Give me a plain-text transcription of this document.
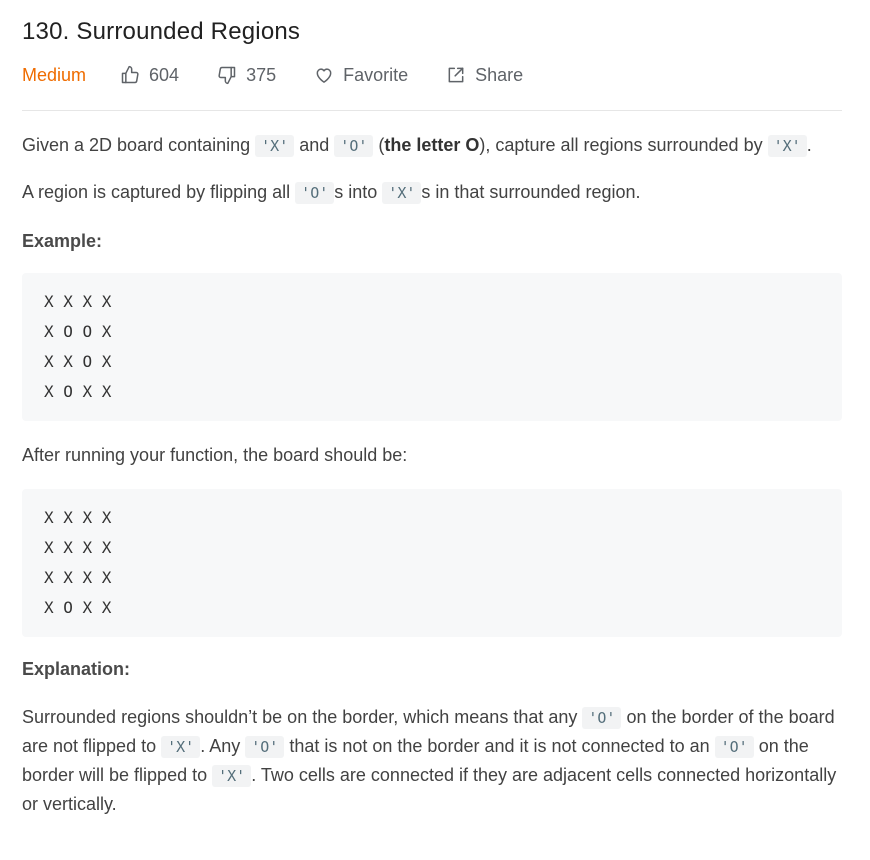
130. Surrounded Regions
Medium	604	375	Favorite	Share

Given a 2D board containing 'X' and 'O' (the letter O), capture all regions surrounded by 'X' .

A region is captured by flipping all 'O' s into 'X' s in that surrounded region.

Example:

X X X X
X O O X
X X O X
X O X X

After running your function, the board should be:

X X X X
X X X X
X X X X
X O X X

Explanation:

Surrounded regions shouldn’t be on the border, which means that any 'O' on the border of the board are not flipped to 'X' . Any 'O' that is not on the border and it is not connected to an 'O' on the border will be flipped to 'X' . Two cells are connected if they are adjacent cells connected horizontally or vertically.
